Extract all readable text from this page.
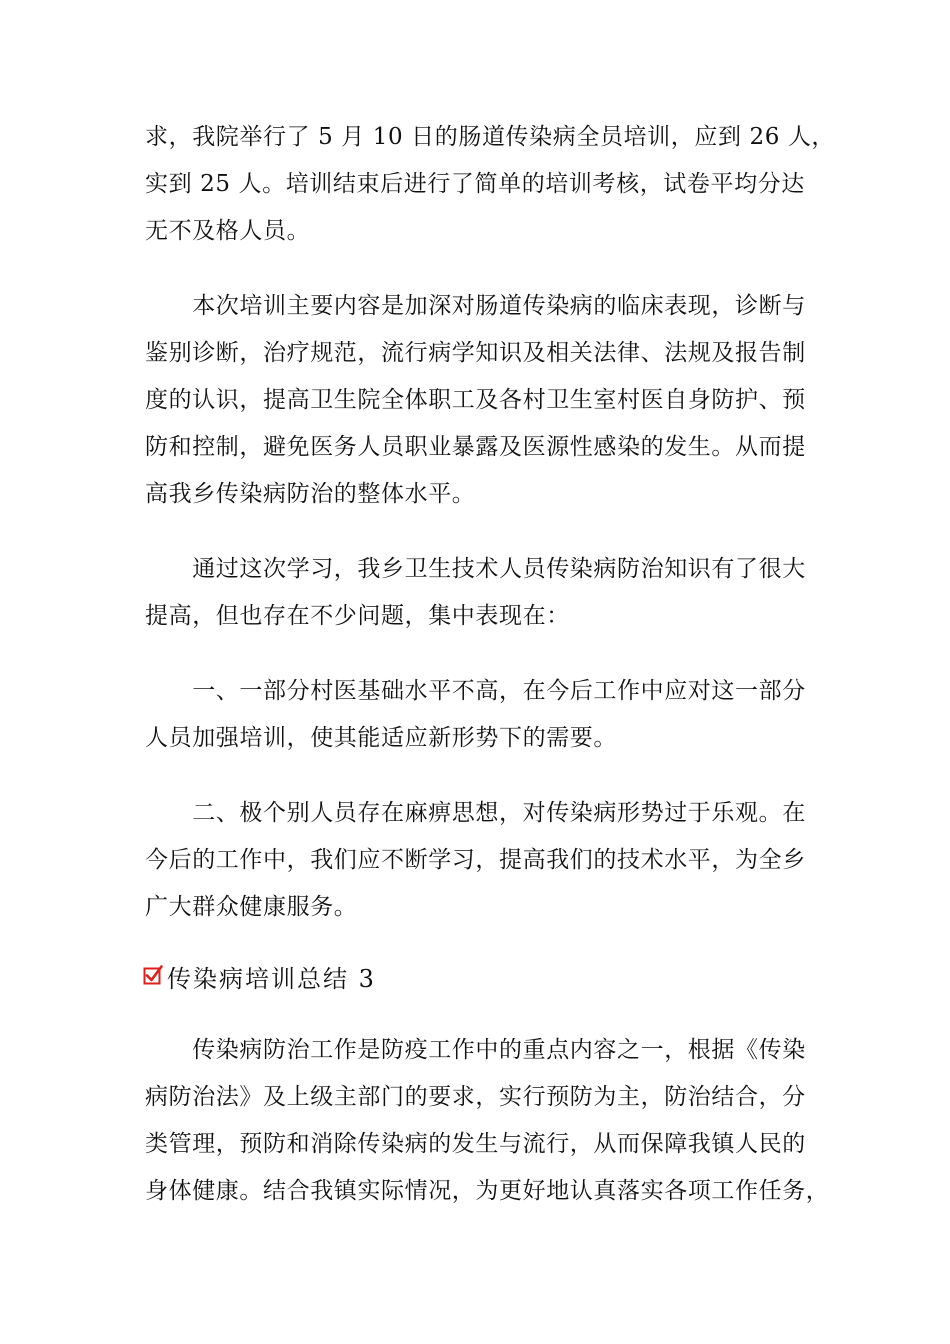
求，我院举行了 5 月 10 日的肠道传染病全员培训，应到 26 人，
实到 25 人。培训结束后进行了简单的培训考核，试卷平均分达
无不及格人员。

　　本次培训主要内容是加深对肠道传染病的临床表现，诊断与
鉴别诊断，治疗规范，流行病学知识及相关法律、法规及报告制
度的认识，提高卫生院全体职工及各村卫生室村医自身防护、预
防和控制，避免医务人员职业暴露及医源性感染的发生。从而提
高我乡传染病防治的整体水平。

　　通过这次学习，我乡卫生技术人员传染病防治知识有了很大
提高，但也存在不少问题，集中表现在：

　　一、一部分村医基础水平不高，在今后工作中应对这一部分
人员加强培训，使其能适应新形势下的需要。

　　二、极个别人员存在麻痹思想，对传染病形势过于乐观。在
今后的工作中，我们应不断学习，提高我们的技术水平，为全乡
广大群众健康服务。

传染病培训总结 3

　　传染病防治工作是防疫工作中的重点内容之一，根据《传染
病防治法》及上级主部门的要求，实行预防为主，防治结合，分
类管理，预防和消除传染病的发生与流行，从而保障我镇人民的
身体健康。结合我镇实际情况，为更好地认真落实各项工作任务，
